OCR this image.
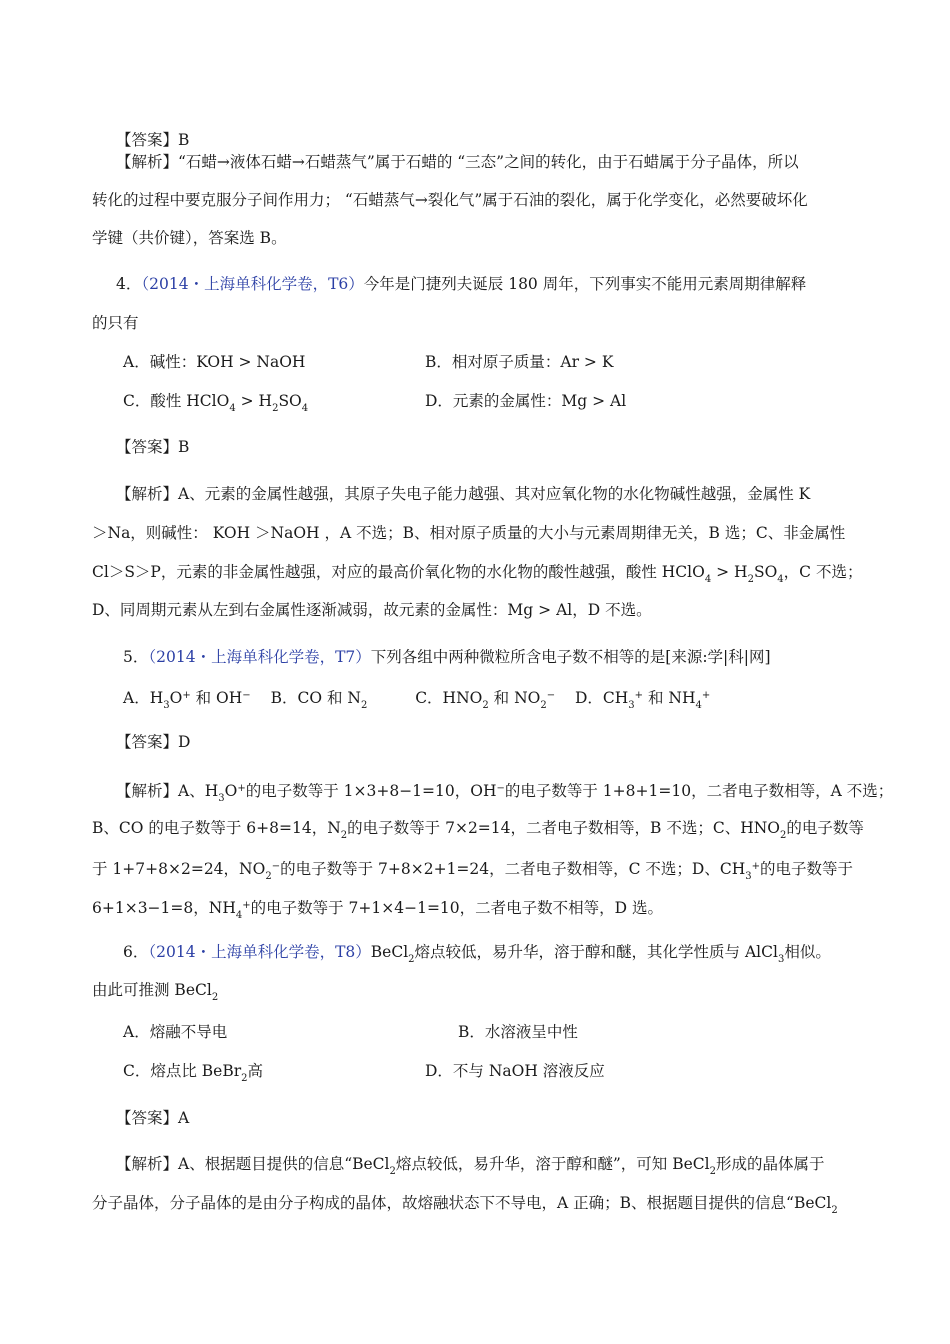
【答案】B
【解析】“石蜡→液体石蜡→石蜡蒸气”属于石蜡的 “三态”之间的转化，由于石蜡属于分子晶体，所以
转化的过程中要克服分子间作用力； “石蜡蒸气→裂化气”属于石油的裂化，属于化学变化，必然要破坏化
学键（共价键），答案选 B。
4．（2014・上海单科化学卷，T6）今年是门捷列夫诞辰 180 周年，下列事实不能用元素周期律解释
的只有
A．碱性：KOH > NaOH	B．相对原子质量：Ar > K
C．酸性 HClO$_4$ > $H_2SO_4$	D．元素的金属性：Mg > Al
【答案】B
【解析】A、元素的金属性越强，其原子失电子能力越强、其对应氧化物的水化物碱性越强，金属性 K
＞Na，则碱性： KOH ＞NaOH ，A 不选；B、相对原子质量的大小与元素周期律无关，B 选；C、非金属性
Cl＞S＞P，元素的非金属性越强，对应的最高价氧化物的水化物的酸性越强，酸性 HClO$_4$ > $H_2SO_4$，C 不选；
D、同周期元素从左到右金属性逐渐减弱，故元素的金属性：Mg > Al，D 不选。
5．（2014・上海单科化学卷，T7）下列各组中两种微粒所含电子数不相等的是[来源:学|科|网]
A．$H_3O^+$ 和 OH− B．CO 和 $N_2$	C．$HNO_2$ 和 $NO_2^-$ D．$CH_3^+$ 和 $NH_4^+$
【答案】D
【解析】A、$H_3O^+$的电子数等于 1×3+8−1=10，OH−的电子数等于 1+8+1=10，二者电子数相等，A 不选；
B、CO 的电子数等于 6+8=14，$N_2$的电子数等于 7×2=14，二者电子数相等，B 不选；C、$HNO_2$的电子数等
于 1+7+8×2=24，$NO_2^-$的电子数等于 7+8×2+1=24，二者电子数相等，C 不选；D、$CH_3^+$的电子数等于
6+1×3−1=8，$NH_4^+$的电子数等于 7+1×4−1=10，二者电子数不相等，D 选。
6．（2014・上海单科化学卷，T8）BeCl$_2$熔点较低，易升华，溶于醇和醚，其化学性质与 AlCl$_3$相似。
由此可推测 BeCl$_2$
A．熔融不导电	B．水溶液呈中性
C．熔点比 BeBr$_2$高	D．不与 NaOH 溶液反应
【答案】A
【解析】A、根据题目提供的信息“BeCl$_2$熔点较低，易升华，溶于醇和醚”，可知 BeCl$_2$形成的晶体属于
分子晶体，分子晶体的是由分子构成的晶体，故熔融状态下不导电，A 正确；B、根据题目提供的信息“BeCl$_2$
